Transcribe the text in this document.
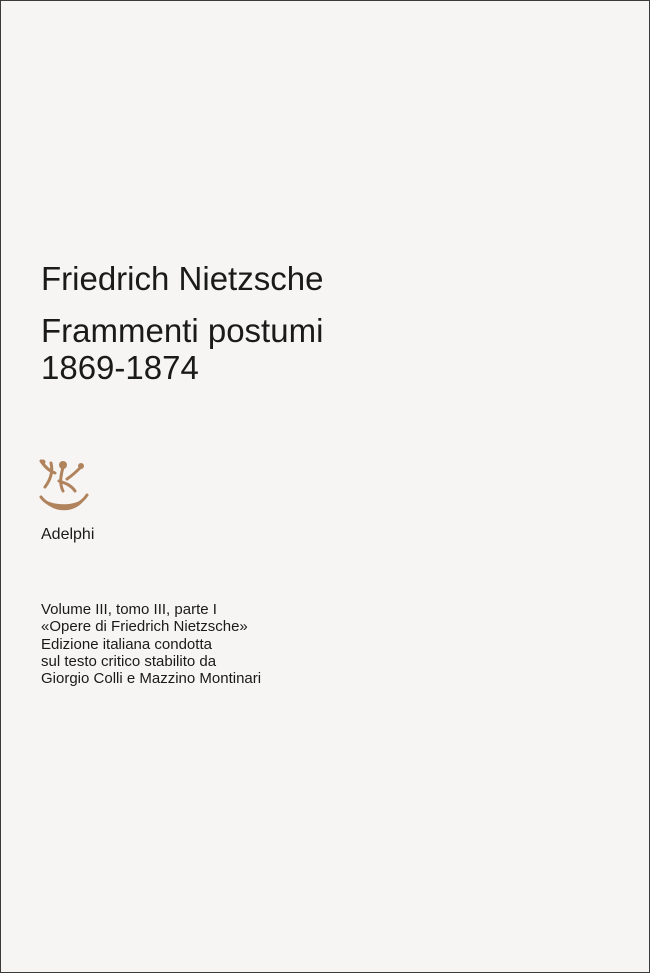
Friedrich Nietzsche
Frammenti postumi
1869-1874
Adelphi
Volume III, tomo III, parte I
«Opere di Friedrich Nietzsche»
Edizione italiana condotta
sul testo critico stabilito da
Giorgio Colli e Mazzino Montinari
